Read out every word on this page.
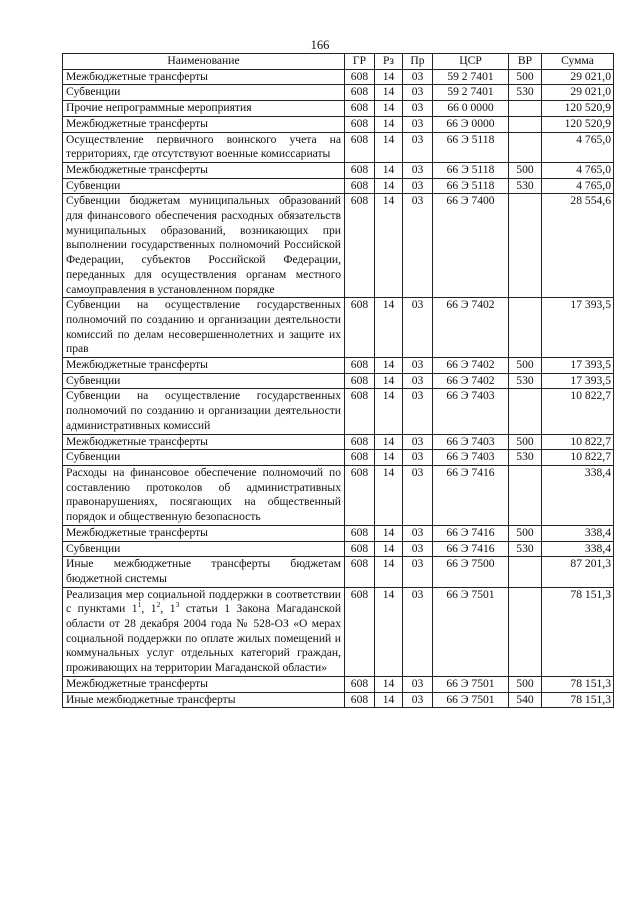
166
Наименование	ГР	Рз	Пр	ЦСР	ВР	Сумма
Межбюджетные трансферты	608	14	03	59 2 7401	500	29 021,0
Субвенции	608	14	03	59 2 7401	530	29 021,0
Прочие непрограммные мероприятия	608	14	03	66 0 0000		120 520,9
Межбюджетные трансферты	608	14	03	66 Э 0000		120 520,9
Осуществление первичного воинского учета на территориях, где отсутствуют военные комиссариаты	608	14	03	66 Э 5118		4 765,0
Межбюджетные трансферты	608	14	03	66 Э 5118	500	4 765,0
Субвенции	608	14	03	66 Э 5118	530	4 765,0
Субвенции бюджетам муниципальных образований для финансового обеспечения расходных обязательств муниципальных образований, возникающих при выполнении государственных полномочий Российской Федерации, субъектов Российской Федерации, переданных для осуществления органам местного самоуправления в установленном порядке	608	14	03	66 Э 7400		28 554,6
Субвенции на осуществление государственных полномочий по созданию и организации деятельности комиссий по делам несовершеннолетних и защите их прав	608	14	03	66 Э 7402		17 393,5
Межбюджетные трансферты	608	14	03	66 Э 7402	500	17 393,5
Субвенции	608	14	03	66 Э 7402	530	17 393,5
Субвенции на осуществление государственных полномочий по созданию и организации деятельности административных комиссий	608	14	03	66 Э 7403		10 822,7
Межбюджетные трансферты	608	14	03	66 Э 7403	500	10 822,7
Субвенции	608	14	03	66 Э 7403	530	10 822,7
Расходы на финансовое обеспечение полномочий по составлению протоколов об административных правонарушениях, посягающих на общественный порядок и общественную безопасность	608	14	03	66 Э 7416		338,4
Межбюджетные трансферты	608	14	03	66 Э 7416	500	338,4
Субвенции	608	14	03	66 Э 7416	530	338,4
Иные межбюджетные трансферты бюджетам бюджетной системы	608	14	03	66 Э 7500		87 201,3
Реализация мер социальной поддержки в соответствии с пунктами $1^1$, $1^2$, $1^3$ статьи 1 Закона Магаданской области от 28 декабря 2004 года № 528-ОЗ «О мерах социальной поддержки по оплате жилых помещений и коммунальных услуг отдельных категорий граждан, проживающих на территории Магаданской области»	608	14	03	66 Э 7501		78 151,3
Межбюджетные трансферты	608	14	03	66 Э 7501	500	78 151,3
Иные межбюджетные трансферты	608	14	03	66 Э 7501	540	78 151,3
